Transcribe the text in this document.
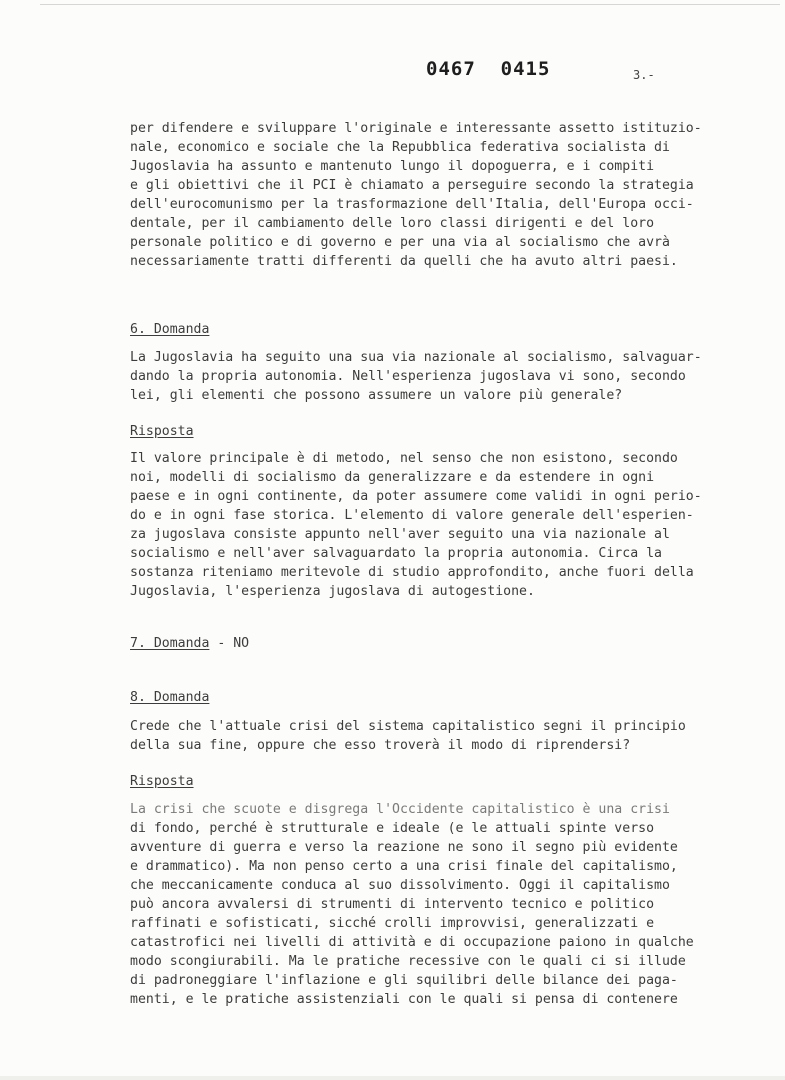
0467  0415	3.-
per difendere e sviluppare l'originale e interessante assetto istituzio-
nale, economico e sociale che la Repubblica federativa socialista di
Jugoslavia ha assunto e mantenuto lungo il dopoguerra, e i compiti
e gli obiettivi che il PCI è chiamato a perseguire secondo la strategia
dell'eurocomunismo per la trasformazione dell'Italia, dell'Europa occi-
dentale, per il cambiamento delle loro classi dirigenti e del loro
personale politico e di governo e per una via al socialismo che avrà
necessariamente tratti differenti da quelli che ha avuto altri paesi.
6. Domanda
La Jugoslavia ha seguito una sua via nazionale al socialismo, salvaguar-
dando la propria autonomia. Nell'esperienza jugoslava vi sono, secondo
lei, gli elementi che possono assumere un valore più generale?
Risposta
Il valore principale è di metodo, nel senso che non esistono, secondo
noi, modelli di socialismo da generalizzare e da estendere in ogni
paese e in ogni continente, da poter assumere come validi in ogni perio-
do e in ogni fase storica. L'elemento di valore generale dell'esperien-
za jugoslava consiste appunto nell'aver seguito una via nazionale al
socialismo e nell'aver salvaguardato la propria autonomia. Circa la
sostanza riteniamo meritevole di studio approfondito, anche fuori della
Jugoslavia, l'esperienza jugoslava di autogestione.
7. Domanda - NO
8. Domanda
Crede che l'attuale crisi del sistema capitalistico segni il principio
della sua fine, oppure che esso troverà il modo di riprendersi?
Risposta
La crisi che scuote e disgrega l'Occidente capitalistico è una crisi
di fondo, perché è strutturale e ideale (e le attuali spinte verso
avventure di guerra e verso la reazione ne sono il segno più evidente
e drammatico). Ma non penso certo a una crisi finale del capitalismo,
che meccanicamente conduca al suo dissolvimento. Oggi il capitalismo
può ancora avvalersi di strumenti di intervento tecnico e politico
raffinati e sofisticati, sicché crolli improvvisi, generalizzati e
catastrofici nei livelli di attività e di occupazione paiono in qualche
modo scongiurabili. Ma le pratiche recessive con le quali ci si illude
di padroneggiare l'inflazione e gli squilibri delle bilance dei paga-
menti, e le pratiche assistenziali con le quali si pensa di contenere
